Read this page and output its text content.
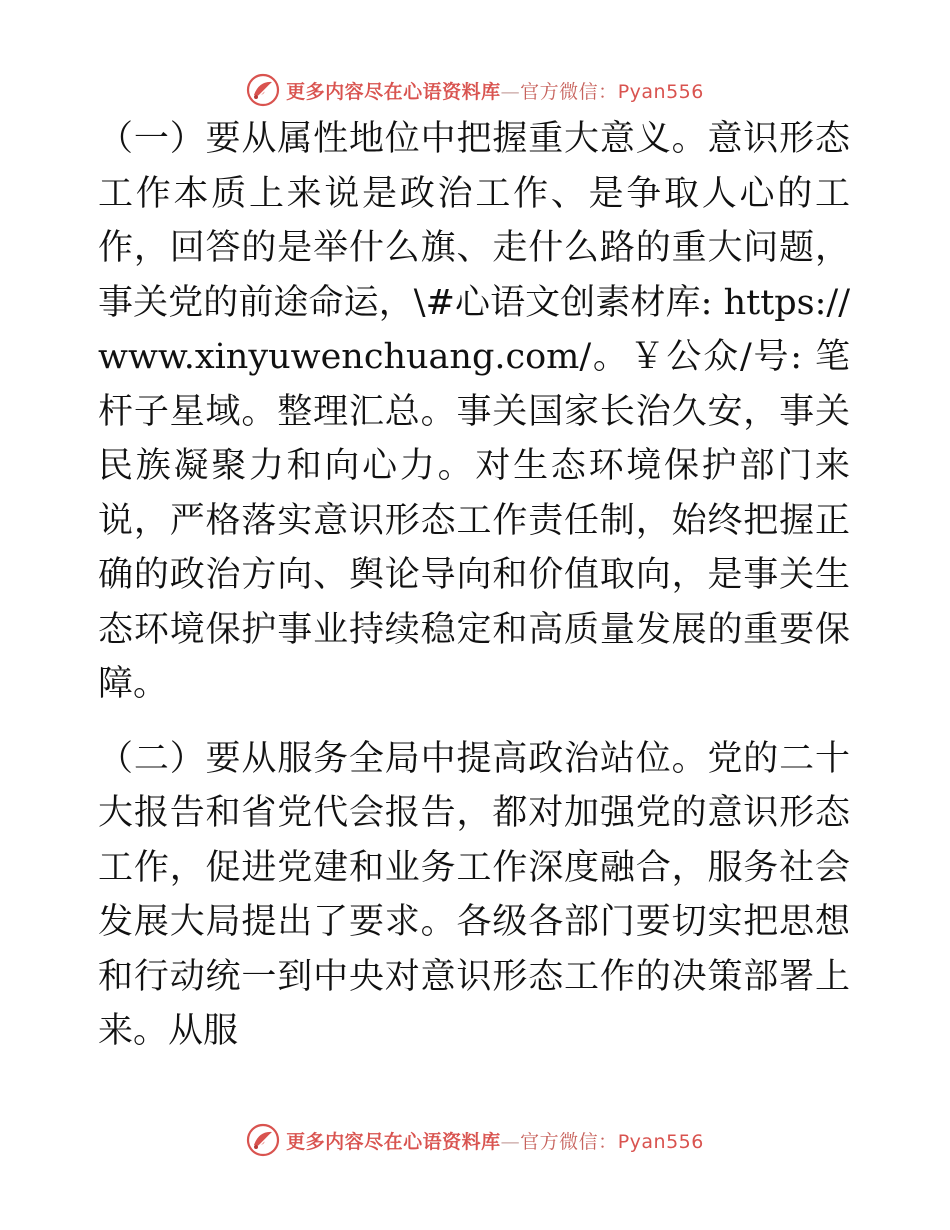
更多内容尽在心语资料库—官方微信：Pyan556

（一）要从属性地位中把握重大意义。意识形态工作本质上来说是政治工作、是争取人心的工作，回答的是举什么旗、走什么路的重大问题，事关党的前途命运，\#心语文创素材库: https://www.xinyuwenchuang.com/。￥公众/号: 笔杆子星域。整理汇总。事关国家长治久安，事关民族凝聚力和向心力。对生态环境保护部门来说，严格落实意识形态工作责任制，始终把握正确的政治方向、舆论导向和价值取向，是事关生态环境保护事业持续稳定和高质量发展的重要保障。

（二）要从服务全局中提高政治站位。党的二十大报告和省党代会报告，都对加强党的意识形态工作，促进党建和业务工作深度融合，服务社会发展大局提出了要求。各级各部门要切实把思想和行动统一到中央对意识形态工作的决策部署上来。从服

更多内容尽在心语资料库—官方微信：Pyan556
